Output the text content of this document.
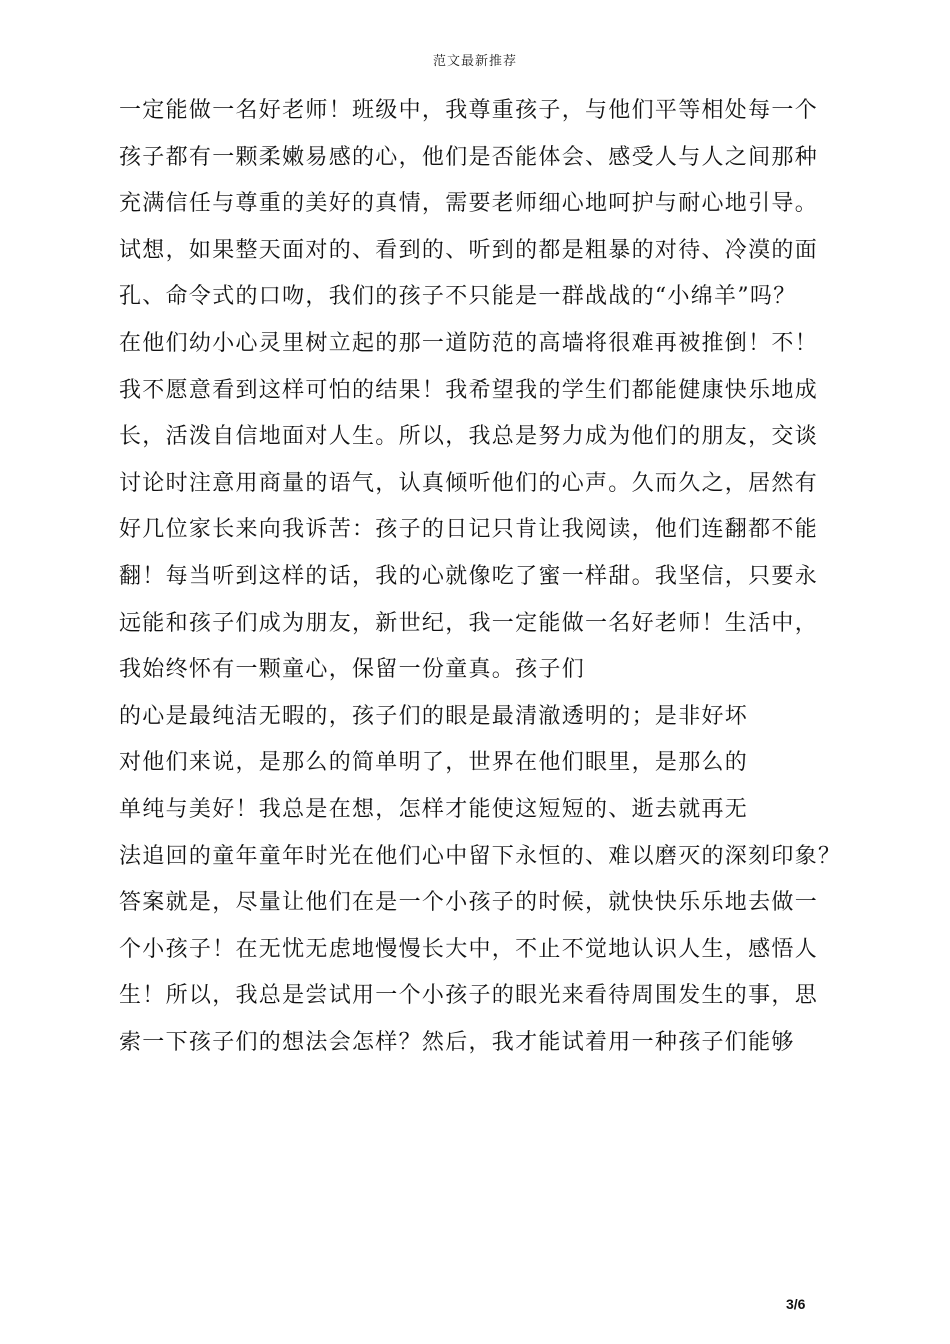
范文最新推荐
一定能做一名好老师！班级中，我尊重孩子，与他们平等相处每一个
孩子都有一颗柔嫩易感的心，他们是否能体会、感受人与人之间那种
充满信任与尊重的美好的真情，需要老师细心地呵护与耐心地引导。
试想，如果整天面对的、看到的、听到的都是粗暴的对待、冷漠的面
孔、命令式的口吻，我们的孩子不只能是一群战战的“小绵羊”吗？
在他们幼小心灵里树立起的那一道防范的高墙将很难再被推倒！不！
我不愿意看到这样可怕的结果！我希望我的学生们都能健康快乐地成
长，活泼自信地面对人生。所以，我总是努力成为他们的朋友，交谈
讨论时注意用商量的语气，认真倾听他们的心声。久而久之，居然有
好几位家长来向我诉苦：孩子的日记只肯让我阅读，他们连翻都不能
翻！每当听到这样的话，我的心就像吃了蜜一样甜。我坚信，只要永
远能和孩子们成为朋友，新世纪，我一定能做一名好老师！生活中，
我始终怀有一颗童心，保留一份童真。孩子们
的心是最纯洁无暇的，孩子们的眼是最清澈透明的；是非好坏
对他们来说，是那么的简单明了，世界在他们眼里，是那么的
单纯与美好！我总是在想，怎样才能使这短短的、逝去就再无
法追回的童年童年时光在他们心中留下永恒的、难以磨灭的深刻印象？
答案就是，尽量让他们在是一个小孩子的时候，就快快乐乐地去做一
个小孩子！在无忧无虑地慢慢长大中，不止不觉地认识人生，感悟人
生！所以，我总是尝试用一个小孩子的眼光来看待周围发生的事，思
索一下孩子们的想法会怎样？然后，我才能试着用一种孩子们能够
3/6
